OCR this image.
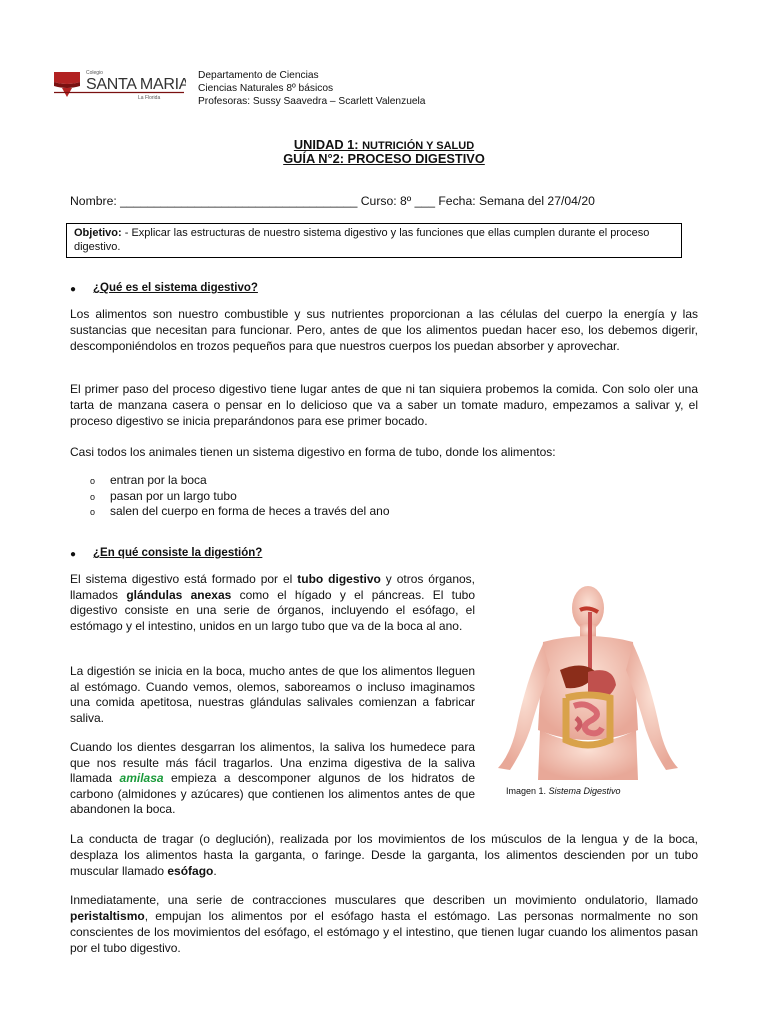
Colegio
SANTA MARIA
La Florida
Departamento de Ciencias
Ciencias Naturales 8º básicos
Profesoras: Sussy Saavedra – Scarlett Valenzuela
UNIDAD 1: NUTRICIÓN Y SALUD
GUÍA N°2: PROCESO DIGESTIVO
Nombre: ___________________________________ Curso: 8º ___ Fecha: Semana del 27/04/20
Objetivo: - Explicar las estructuras de nuestro sistema digestivo y las funciones que ellas cumplen durante el proceso digestivo.
● ¿Qué es el sistema digestivo?
Los alimentos son nuestro combustible y sus nutrientes proporcionan a las células del cuerpo la energía y las sustancias que necesitan para funcionar. Pero, antes de que los alimentos puedan hacer eso, los debemos digerir, descomponiéndolos en trozos pequeños para que nuestros cuerpos los puedan absorber y aprovechar.
El primer paso del proceso digestivo tiene lugar antes de que ni tan siquiera probemos la comida. Con solo oler una tarta de manzana casera o pensar en lo delicioso que va a saber un tomate maduro, empezamos a salivar y, el proceso digestivo se inicia preparándonos para ese primer bocado.
Casi todos los animales tienen un sistema digestivo en forma de tubo, donde los alimentos:
o entran por la boca
o pasan por un largo tubo
o salen del cuerpo en forma de heces a través del ano
● ¿En qué consiste la digestión?
El sistema digestivo está formado por el tubo digestivo y otros órganos, llamados glándulas anexas como el hígado y el páncreas. El tubo digestivo consiste en una serie de órganos, incluyendo el esófago, el estómago y el intestino, unidos en un largo tubo que va de la boca al ano.
La digestión se inicia en la boca, mucho antes de que los alimentos lleguen al estómago. Cuando vemos, olemos, saboreamos o incluso imaginamos una comida apetitosa, nuestras glándulas salivales comienzan a fabricar saliva.
Cuando los dientes desgarran los alimentos, la saliva los humedece para que nos resulte más fácil tragarlos. Una enzima digestiva de la saliva llamada amilasa empieza a descomponer algunos de los hidratos de carbono (almidones y azúcares) que contienen los alimentos antes de que abandonen la boca.
Imagen 1. Sistema Digestivo
La conducta de tragar (o deglución), realizada por los movimientos de los músculos de la lengua y de la boca, desplaza los alimentos hasta la garganta, o faringe. Desde la garganta, los alimentos descienden por un tubo muscular llamado esófago.
Inmediatamente, una serie de contracciones musculares que describen un movimiento ondulatorio, llamado peristaltismo, empujan los alimentos por el esófago hasta el estómago. Las personas normalmente no son conscientes de los movimientos del esófago, el estómago y el intestino, que tienen lugar cuando los alimentos pasan por el tubo digestivo.
